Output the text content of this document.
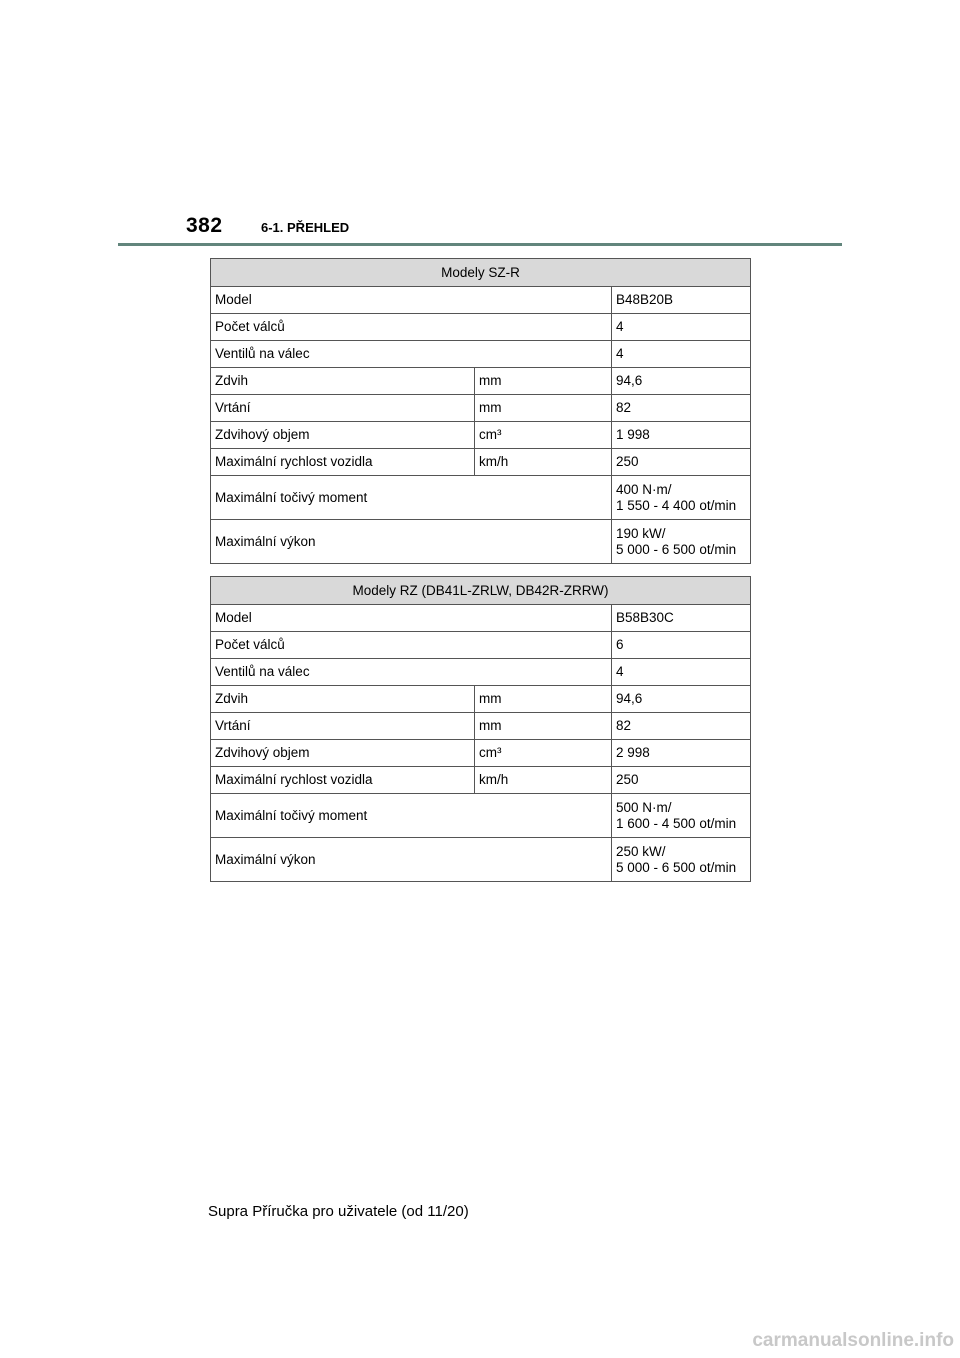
382	6-1. PŘEHLED
Modely SZ-R		
Model		B48B20B
Počet válců		4
Ventilů na válec		4
Zdvih	mm	94,6
Vrtání	mm	82
Zdvihový objem	cm³	1 998
Maximální rychlost vozidla	km/h	250
Maximální točivý moment		400 N·m/
1 550 - 4 400 ot/min
Maximální výkon		190 kW/
5 000 - 6 500 ot/min
Modely RZ (DB41L-ZRLW, DB42R-ZRRW)		
Model		B58B30C
Počet válců		6
Ventilů na válec		4
Zdvih	mm	94,6
Vrtání	mm	82
Zdvihový objem	cm³	2 998
Maximální rychlost vozidla	km/h	250
Maximální točivý moment		500 N·m/
1 600 - 4 500 ot/min
Maximální výkon		250 kW/
5 000 - 6 500 ot/min
Supra Příručka pro uživatele (od 11/20)
carmanualsonline.info
